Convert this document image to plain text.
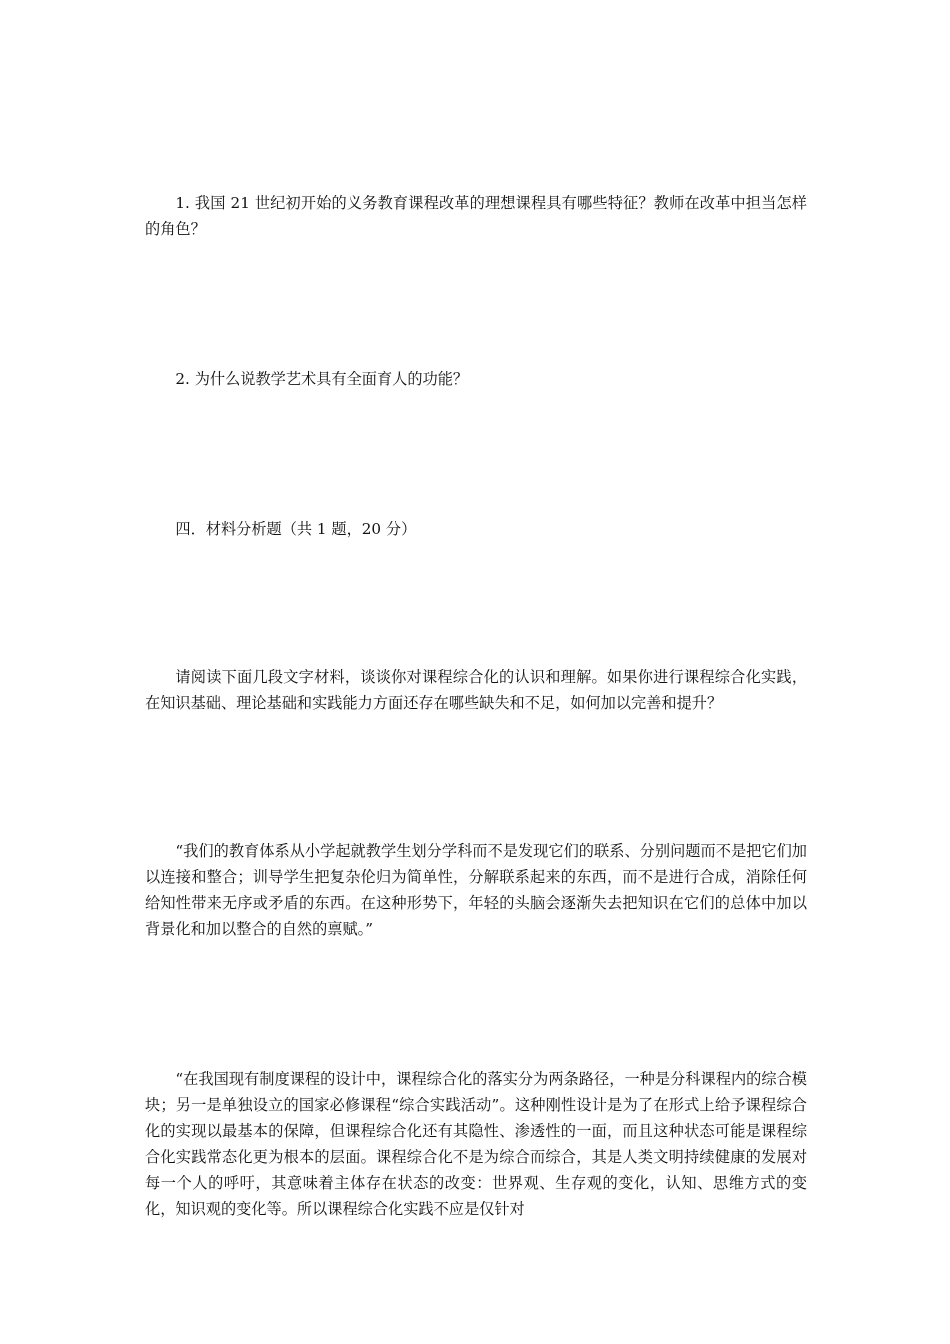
1. 我国 21 世纪初开始的义务教育课程改革的理想课程具有哪些特征？教师在改革中担当怎样的角色？

2. 为什么说教学艺术具有全面育人的功能？

四．材料分析题（共 1 题，20 分）

请阅读下面几段文字材料，谈谈你对课程综合化的认识和理解。如果你进行课程综合化实践，在知识基础、理论基础和实践能力方面还存在哪些缺失和不足，如何加以完善和提升？

“我们的教育体系从小学起就教学生划分学科而不是发现它们的联系、分别问题而不是把它们加以连接和整合；训导学生把复杂伦归为简单性，分解联系起来的东西，而不是进行合成，消除任何给知性带来无序或矛盾的东西。在这种形势下，年轻的头脑会逐渐失去把知识在它们的总体中加以背景化和加以整合的自然的禀赋。”

“在我国现有制度课程的设计中，课程综合化的落实分为两条路径，一种是分科课程内的综合模块；另一是单独设立的国家必修课程“综合实践活动”。这种刚性设计是为了在形式上给予课程综合化的实现以最基本的保障，但课程综合化还有其隐性、渗透性的一面，而且这种状态可能是课程综合化实践常态化更为根本的层面。课程综合化不是为综合而综合，其是人类文明持续健康的发展对每一个人的呼吁，其意味着主体存在状态的改变：世界观、生存观的变化，认知、思维方式的变化，知识观的变化等。所以课程综合化实践不应是仅针对
